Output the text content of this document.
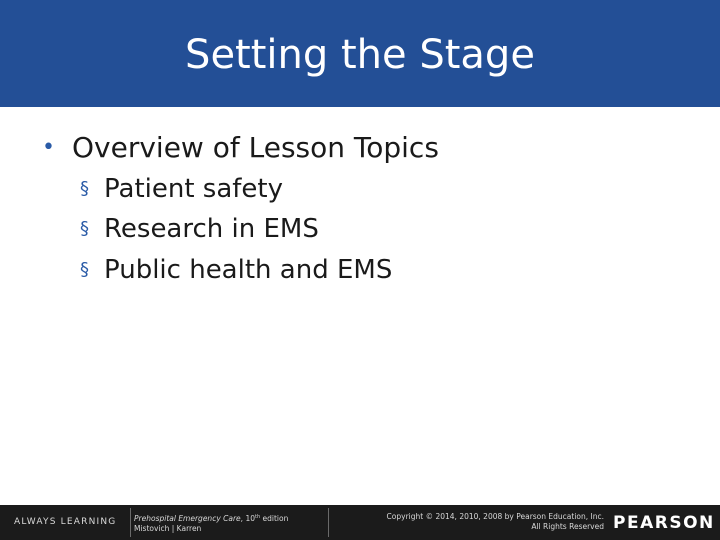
Setting the Stage
• Overview of Lesson Topics
§ Patient safety
§ Research in EMS
§ Public health and EMS
ALWAYS LEARNING Prehospital Emergency Care, 10th edition
Mistovich | Karren
Copyright © 2014, 2010, 2008 by Pearson Education, Inc.
All Rights Reserved PEARSON
